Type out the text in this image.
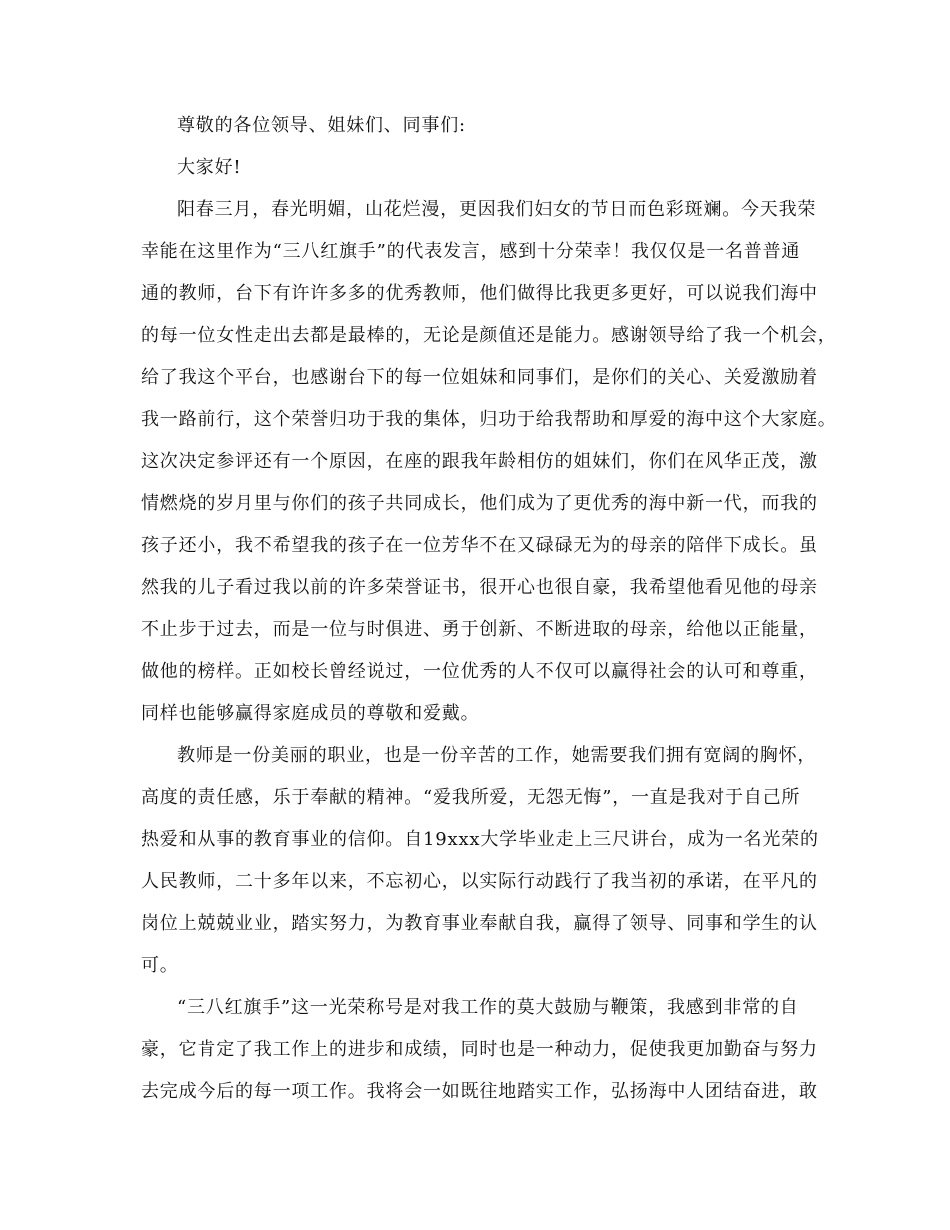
尊敬的各位领导、姐妹们、同事们:
大家好!
阳春三月，春光明媚，山花烂漫，更因我们妇女的节日而色彩斑斓。今天我荣
幸能在这里作为“三八红旗手”的代表发言，感到十分荣幸！我仅仅是一名普普通
通的教师，台下有许许多多的优秀教师，他们做得比我更多更好，可以说我们海中
的每一位女性走出去都是最棒的，无论是颜值还是能力。感谢领导给了我一个机会，
给了我这个平台，也感谢台下的每一位姐妹和同事们，是你们的关心、关爱激励着
我一路前行，这个荣誉归功于我的集体，归功于给我帮助和厚爱的海中这个大家庭。
这次决定参评还有一个原因，在座的跟我年龄相仿的姐妹们，你们在风华正茂，激
情燃烧的岁月里与你们的孩子共同成长，他们成为了更优秀的海中新一代，而我的
孩子还小，我不希望我的孩子在一位芳华不在又碌碌无为的母亲的陪伴下成长。虽
然我的儿子看过我以前的许多荣誉证书，很开心也很自豪，我希望他看见他的母亲
不止步于过去，而是一位与时俱进、勇于创新、不断进取的母亲，给他以正能量，
做他的榜样。正如校长曾经说过，一位优秀的人不仅可以赢得社会的认可和尊重，
同样也能够赢得家庭成员的尊敬和爱戴。
教师是一份美丽的职业，也是一份辛苦的工作，她需要我们拥有宽阔的胸怀，
高度的责任感，乐于奉献的精神。“爱我所爱，无怨无悔”，一直是我对于自己所
热爱和从事的教育事业的信仰。自19xxx大学毕业走上三尺讲台，成为一名光荣的
人民教师，二十多年以来，不忘初心，以实际行动践行了我当初的承诺，在平凡的
岗位上兢兢业业，踏实努力，为教育事业奉献自我，赢得了领导、同事和学生的认
可。
“三八红旗手”这一光荣称号是对我工作的莫大鼓励与鞭策，我感到非常的自
豪，它肯定了我工作上的进步和成绩，同时也是一种动力，促使我更加勤奋与努力
去完成今后的每一项工作。我将会一如既往地踏实工作，弘扬海中人团结奋进，敢
